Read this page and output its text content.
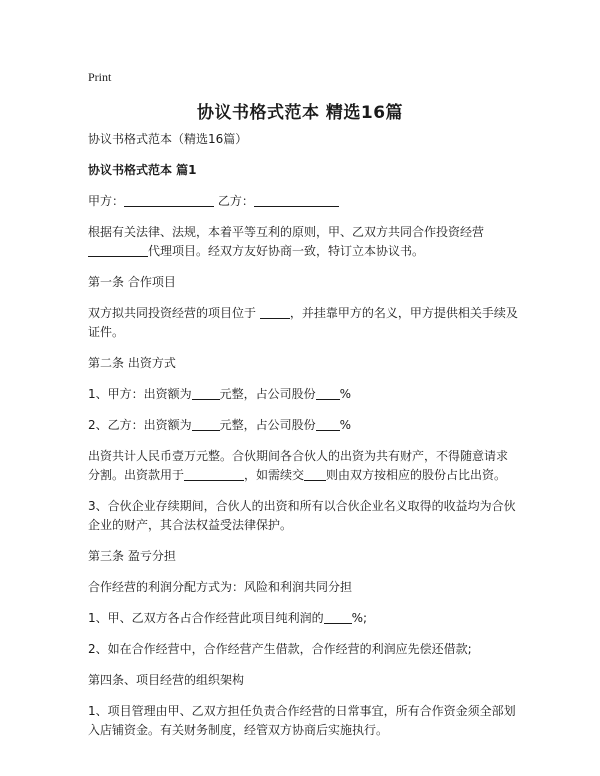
Print
协议书格式范本 精选16篇

协议书格式范本（精选16篇）

协议书格式范本 篇1

甲方：	乙方：

根据有关法律、法规，本着平等互利的原则，甲、乙双方共同合作投资经营
代理项目。经双方友好协商一致，特订立本协议书。

第一条 合作项目

双方拟共同投资经营的项目位于	，并挂靠甲方的名义，甲方提供相关手续及证件。

第二条 出资方式

1、甲方：出资额为 元整，占公司股份 %

2、乙方：出资额为 元整，占公司股份 %

出资共计人民币壹万元整。合伙期间各合伙人的出资为共有财产，不得随意请求分割。出资款用于	，如需续交 则由双方按相应的股份占比出资。

3、合伙企业存续期间，合伙人的出资和所有以合伙企业名义取得的收益均为合伙企业的财产，其合法权益受法律保护。

第三条 盈亏分担

合作经营的利润分配方式为：风险和利润共同分担

1、甲、乙双方各占合作经营此项目纯利润的 %;

2、如在合作经营中，合作经营产生借款，合作经营的利润应先偿还借款;

第四条、项目经营的组织架构

1、项目管理由甲、乙双方担任负责合作经营的日常事宜，所有合作资金须全部划入店铺资金。有关财务制度，经管双方协商后实施执行。
